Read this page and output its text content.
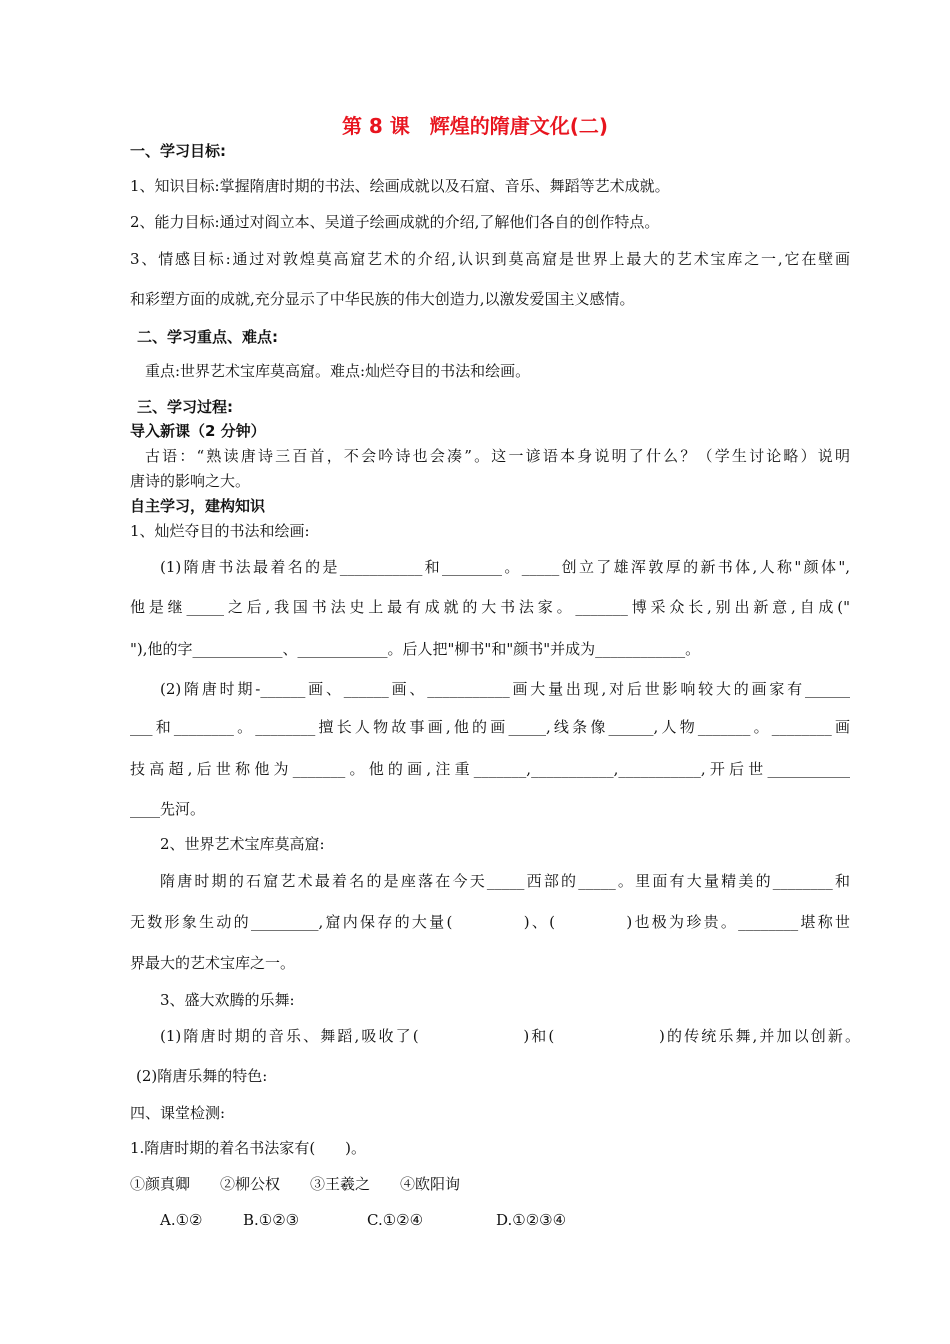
第 8 课　辉煌的隋唐文化(二)
一、学习目标:
1、知识目标:掌握隋唐时期的书法、绘画成就以及石窟、音乐、舞蹈等艺术成就。
2、能力目标:通过对阎立本、吴道子绘画成就的介绍,了解他们各自的创作特点。
3、情感目标:通过对敦煌莫高窟艺术的介绍,认识到莫高窟是世界上最大的艺术宝库之一,它在壁画
和彩塑方面的成就,充分显示了中华民族的伟大创造力,以激发爱国主义感情。
二、学习重点、难点:
重点:世界艺术宝库莫高窟。难点:灿烂夺目的书法和绘画。
三、学习过程:
导入新课（2 分钟）
古语：“熟读唐诗三百首，不会吟诗也会凑”。这一谚语本身说明了什么？（学生讨论略）说明
唐诗的影响之大。
自主学习，建构知识
1、灿烂夺目的书法和绘画:
(1)隋唐书法最着名的是___________和________。_____创立了雄浑敦厚的新书体,人称"颜体",
他是继_____之后,我国书法史上最有成就的大书法家。_______博采众长,别出新意,自成("
"),他的字____________、____________。后人把"柳书"和"颜书"并成为____________。
(2)隋唐时期-______画、______画、___________画大量出现,对后世影响较大的画家有______
___和________。________擅长人物故事画,他的画_____,线条像______,人物_______。________画
技高超,后世称他为_______。他的画,注重_______,___________,___________,开后世___________
____先河。
2、世界艺术宝库莫高窟:
隋唐时期的石窟艺术最着名的是座落在今天_____西部的_____。里面有大量精美的________和
无数形象生动的_________,窟内保存的大量(　　　　)、(　　　　)也极为珍贵。________堪称世
界最大的艺术宝库之一。
3、盛大欢腾的乐舞:
(1)隋唐时期的音乐、舞蹈,吸收了(　　　　　　)和(　　　　　　)的传统乐舞,并加以创新。
(2)隋唐乐舞的特色:
四、课堂检测:
1.隋唐时期的着名书法家有(　　)。
①颜真卿　　②柳公权　　③王羲之　　④欧阳询
A.①②	B.①②③	C.①②④	D.①②③④
